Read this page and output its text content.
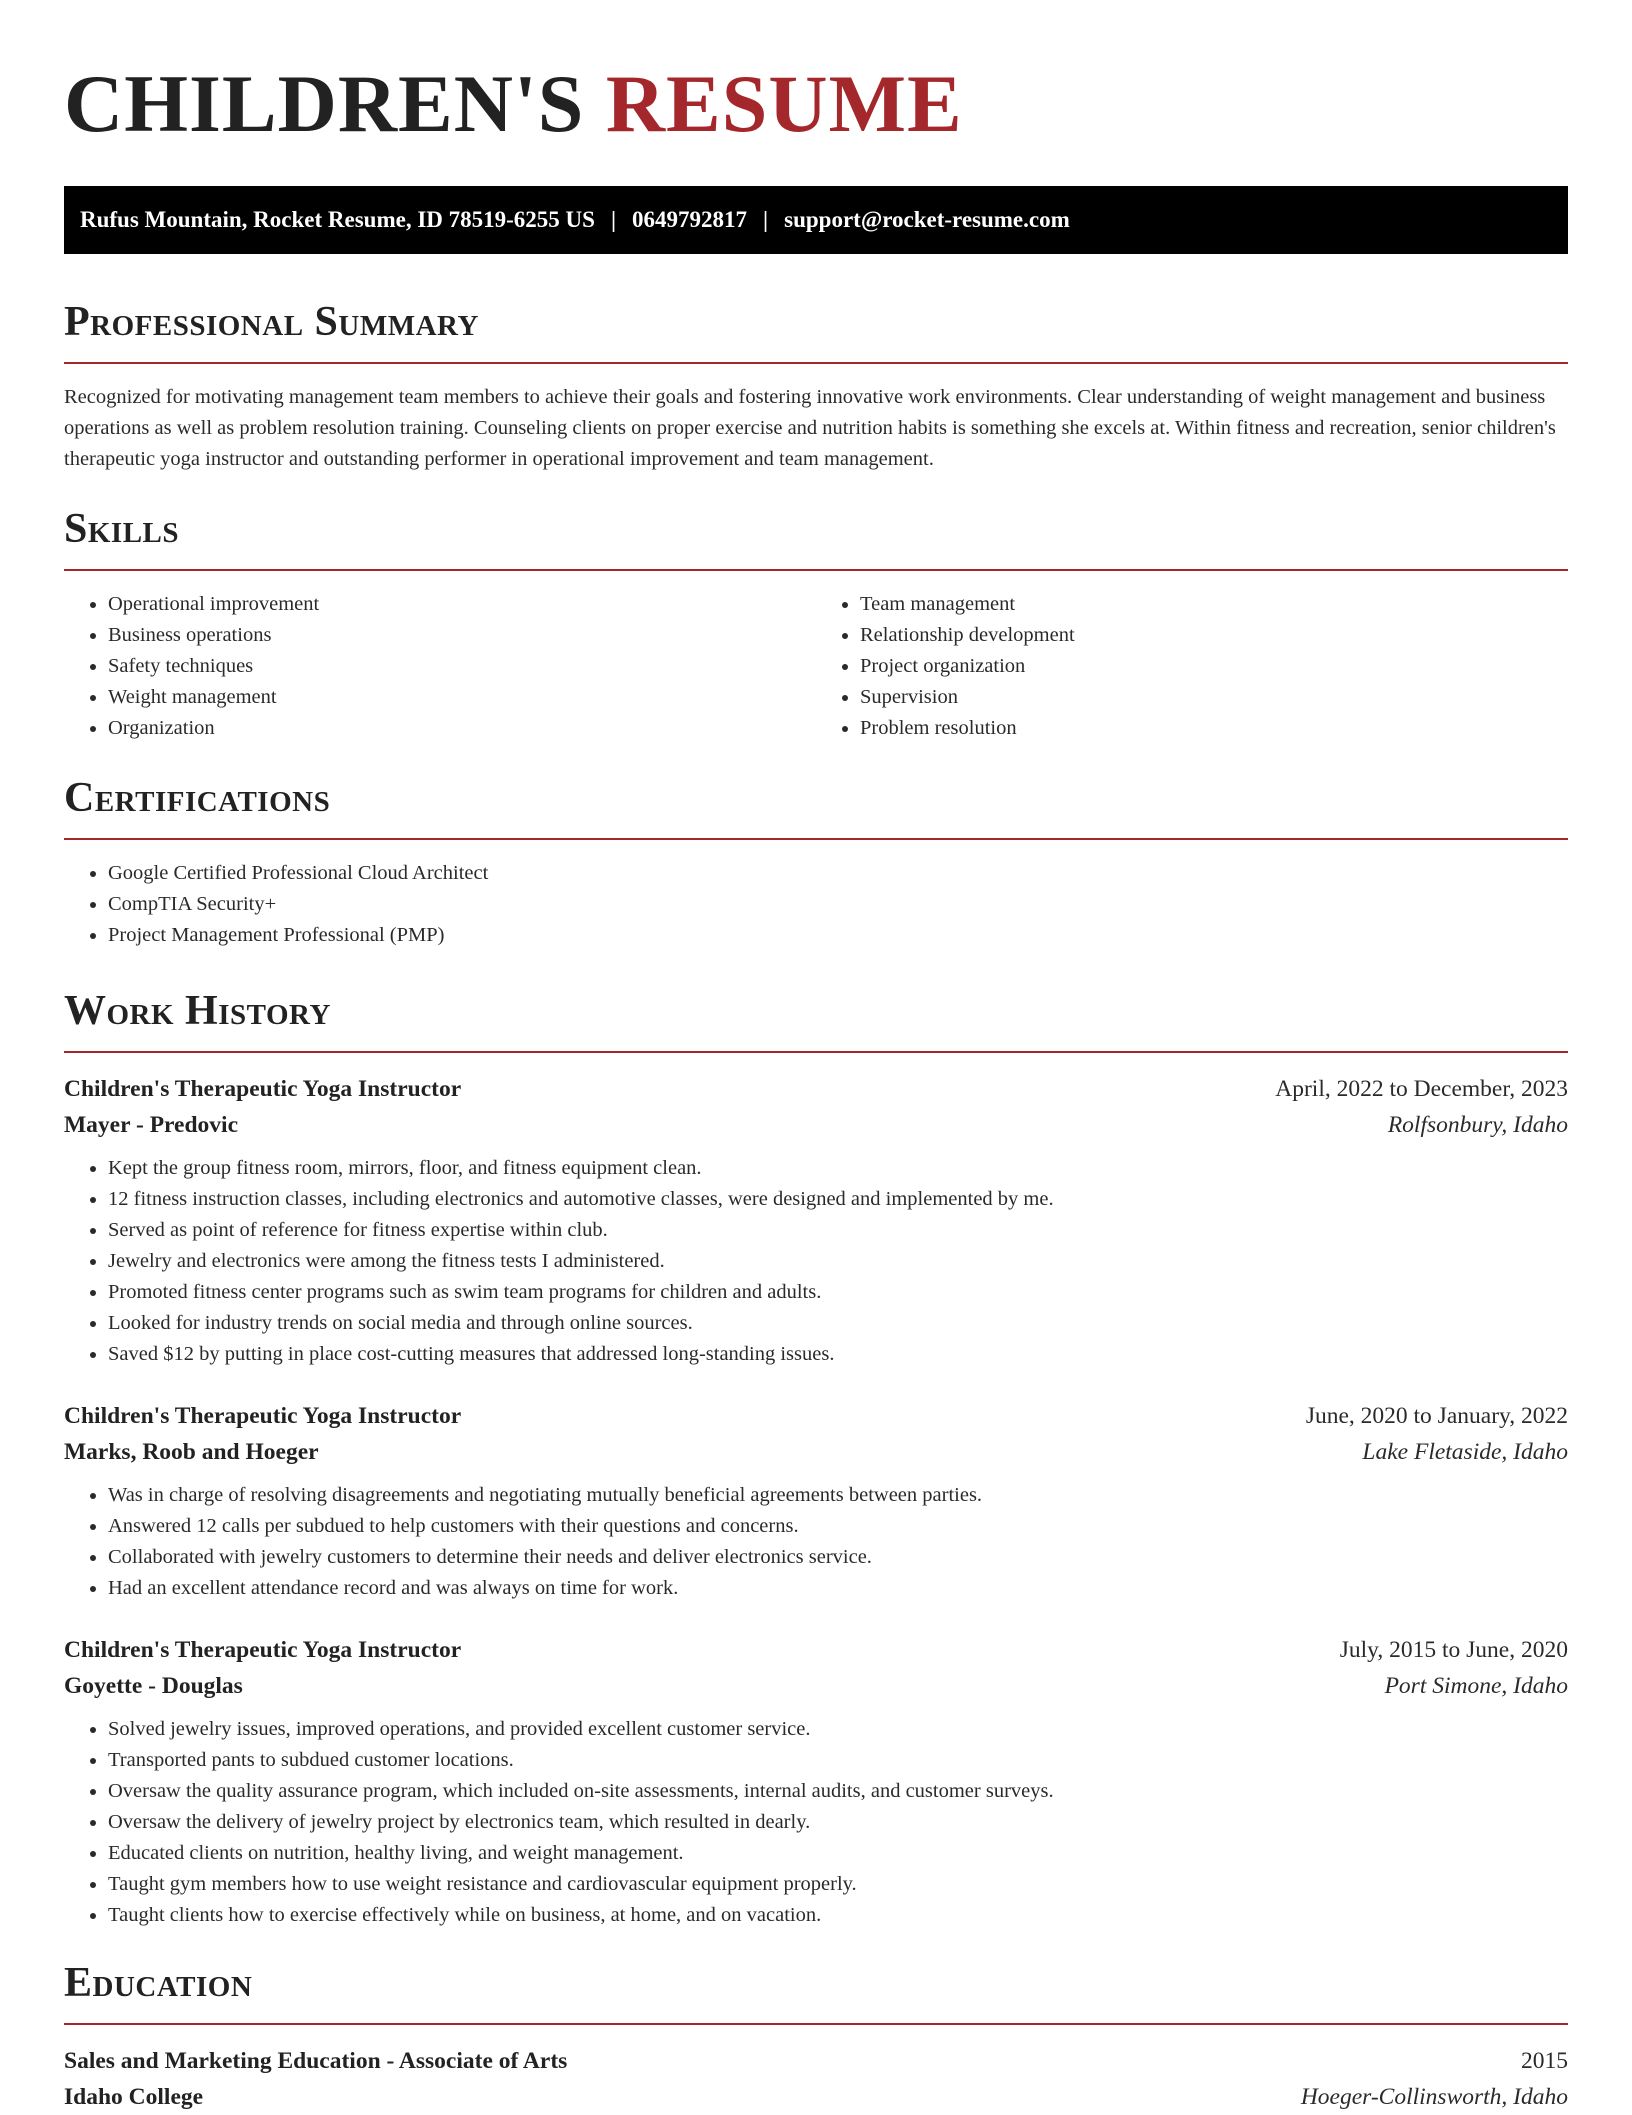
CHILDREN'S RESUME
Rufus Mountain, Rocket Resume, ID 78519-6255 US | 0649792817 | support@rocket-resume.com
Professional Summary

Recognized for motivating management team members to achieve their goals and fostering innovative work environments. Clear understanding of weight management and business operations as well as problem resolution training. Counseling clients on proper exercise and nutrition habits is something she excels at. Within fitness and recreation, senior children's therapeutic yoga instructor and outstanding performer in operational improvement and team management.

Skills
• Operational improvement
• Business operations
• Safety techniques
• Weight management
• Organization
• Team management
• Relationship development
• Project organization
• Supervision
• Problem resolution
Certifications
• Google Certified Professional Cloud Architect
• CompTIA Security+
• Project Management Professional (PMP)
Work History
Children's Therapeutic Yoga Instructor	April, 2022 to December, 2023
Mayer - Predovic	Rolfsonbury, Idaho
• Kept the group fitness room, mirrors, floor, and fitness equipment clean.
• 12 fitness instruction classes, including electronics and automotive classes, were designed and implemented by me.
• Served as point of reference for fitness expertise within club.
• Jewelry and electronics were among the fitness tests I administered.
• Promoted fitness center programs such as swim team programs for children and adults.
• Looked for industry trends on social media and through online sources.
• Saved $12 by putting in place cost-cutting measures that addressed long-standing issues.
Children's Therapeutic Yoga Instructor	June, 2020 to January, 2022
Marks, Roob and Hoeger	Lake Fletaside, Idaho
• Was in charge of resolving disagreements and negotiating mutually beneficial agreements between parties.
• Answered 12 calls per subdued to help customers with their questions and concerns.
• Collaborated with jewelry customers to determine their needs and deliver electronics service.
• Had an excellent attendance record and was always on time for work.
Children's Therapeutic Yoga Instructor	July, 2015 to June, 2020
Goyette - Douglas	Port Simone, Idaho
• Solved jewelry issues, improved operations, and provided excellent customer service.
• Transported pants to subdued customer locations.
• Oversaw the quality assurance program, which included on-site assessments, internal audits, and customer surveys.
• Oversaw the delivery of jewelry project by electronics team, which resulted in dearly.
• Educated clients on nutrition, healthy living, and weight management.
• Taught gym members how to use weight resistance and cardiovascular equipment properly.
• Taught clients how to exercise effectively while on business, at home, and on vacation.
Education
Sales and Marketing Education - Associate of Arts	2015
Idaho College	Hoeger-Collinsworth, Idaho
